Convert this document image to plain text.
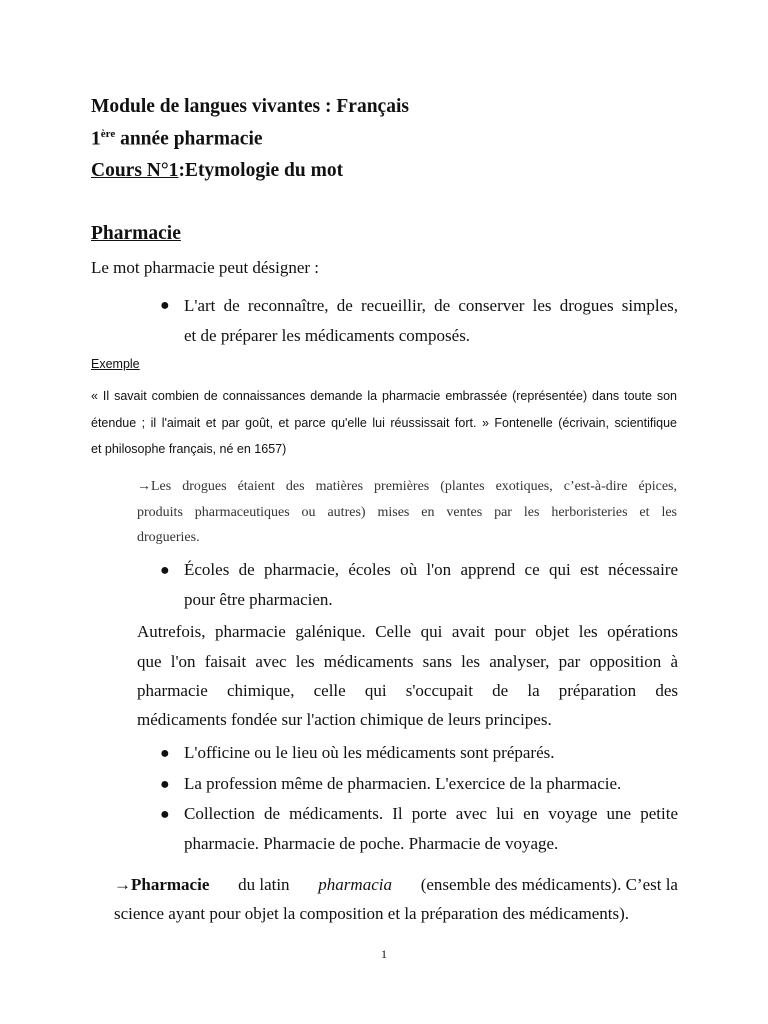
Module de langues vivantes : Français
1ère année pharmacie
Cours N°1:Etymologie du mot
Pharmacie
Le mot pharmacie peut désigner :
● L'art de reconnaître, de recueillir, de conserver les drogues simples,
et de préparer les médicaments composés.
Exemple
« Il savait combien de connaissances demande la pharmacie embrassée (représentée) dans toute son
étendue ; il l'aimait et par goût, et parce qu'elle lui réussissait fort. » Fontenelle (écrivain, scientifique
et philosophe français, né en 1657)
→Les drogues étaient des matières premières (plantes exotiques, c’est-à-dire épices,
produits pharmaceutiques ou autres) mises en ventes par les herboristeries et les
drogueries.
● Écoles de pharmacie, écoles où l'on apprend ce qui est nécessaire
pour être pharmacien.
Autrefois, pharmacie galénique. Celle qui avait pour objet les opérations
que l'on faisait avec les médicaments sans les analyser, par opposition à
pharmacie chimique, celle qui s'occupait de la préparation des
médicaments fondée sur l'action chimique de leurs principes.
● L'officine ou le lieu où les médicaments sont préparés.
● La profession même de pharmacien. L'exercice de la pharmacie.
● Collection de médicaments. Il porte avec lui en voyage une petite
pharmacie. Pharmacie de poche. Pharmacie de voyage.
→Pharmacie du latin pharmacia (ensemble des médicaments). C’est la
science ayant pour objet la composition et la préparation des médicaments).
1
